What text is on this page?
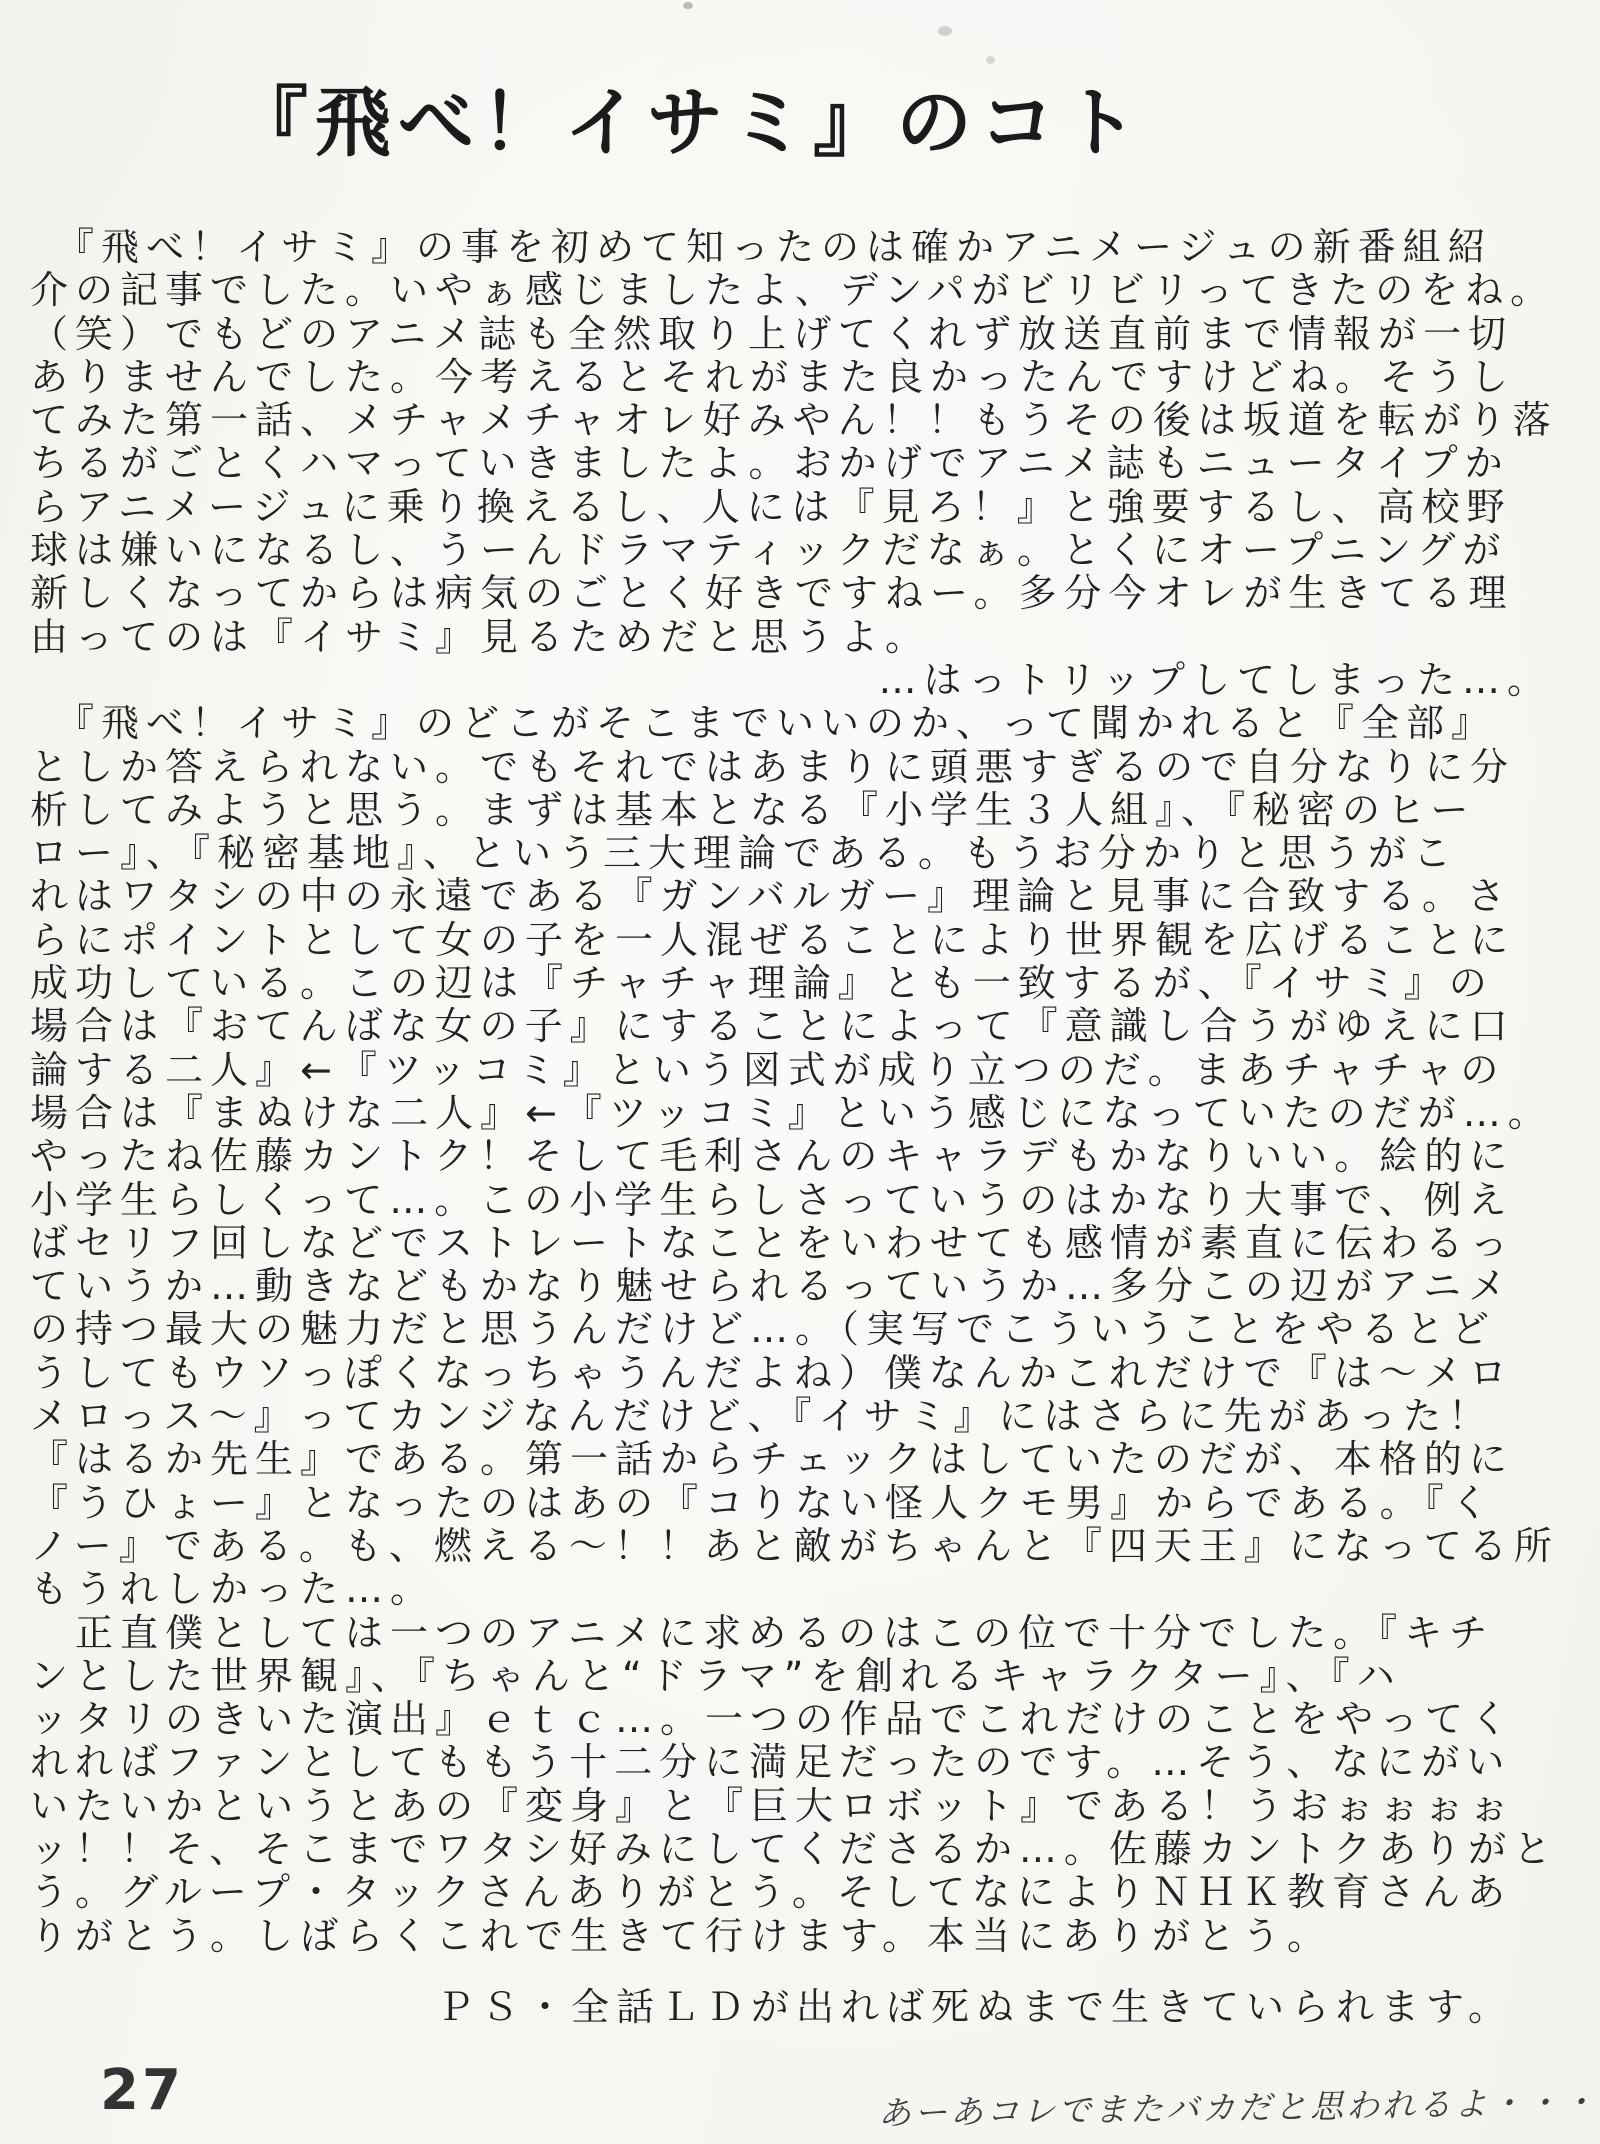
『飛べ！イサミ』のコト
　『飛べ！イサミ』の事を初めて知ったのは確かアニメージュの新番組紹
介の記事でした。いやぁ感じましたよ、デンパがビリビリってきたのをね。
（笑）でもどのアニメ誌も全然取り上げてくれず放送直前まで情報が一切
ありませんでした。今考えるとそれがまた良かったんですけどね。そうし
てみた第一話、メチャメチャオレ好みやん！！もうその後は坂道を転がり落
ちるがごとくハマっていきましたよ。おかげでアニメ誌もニュータイプか
らアニメージュに乗り換えるし、人には『見ろ！』と強要するし、高校野
球は嫌いになるし、うーんドラマティックだなぁ。とくにオープニングが
新しくなってからは病気のごとく好きですねー。多分今オレが生きてる理
由ってのは『イサミ』見るためだと思うよ。
…はっトリップしてしまった…。
　『飛べ！イサミ』のどこがそこまでいいのか、って聞かれると『全部』
としか答えられない。でもそれではあまりに頭悪すぎるので自分なりに分
析してみようと思う。まずは基本となる『小学生３人組』、『秘密のヒー
ロー』、『秘密基地』、という三大理論である。もうお分かりと思うがこ
れはワタシの中の永遠である『ガンバルガー』理論と見事に合致する。さ
らにポイントとして女の子を一人混ぜることにより世界観を広げることに
成功している。この辺は『チャチャ理論』とも一致するが、『イサミ』の
場合は『おてんばな女の子』にすることによって『意識し合うがゆえに口
論する二人』←『ツッコミ』という図式が成り立つのだ。まあチャチャの
場合は『まぬけな二人』←『ツッコミ』という感じになっていたのだが…。
やったね佐藤カントク！そして毛利さんのキャラデもかなりいい。絵的に
小学生らしくって…。この小学生らしさっていうのはかなり大事で、例え
ばセリフ回しなどでストレートなことをいわせても感情が素直に伝わるっ
ていうか…動きなどもかなり魅せられるっていうか…多分この辺がアニメ
の持つ最大の魅力だと思うんだけど…。（実写でこういうことをやるとど
うしてもウソっぽくなっちゃうんだよね）僕なんかこれだけで『は〜メロ
メロっス〜』ってカンジなんだけど、『イサミ』にはさらに先があった！
『はるか先生』である。第一話からチェックはしていたのだが、本格的に
『うひょー』となったのはあの『コりない怪人クモ男』からである。『く
ノー』である。も、燃える〜！！あと敵がちゃんと『四天王』になってる所
もうれしかった…。
　正直僕としては一つのアニメに求めるのはこの位で十分でした。『キチ
ンとした世界観』、『ちゃんと“ドラマ”を創れるキャラクター』、『ハ
ッタリのきいた演出』ｅｔｃ…。一つの作品でこれだけのことをやってく
れればファンとしてももう十二分に満足だったのです。…そう、なにがい
いたいかというとあの『変身』と『巨大ロボット』である！うおぉぉぉぉ
ッ！！そ、そこまでワタシ好みにしてくださるか…。佐藤カントクありがと
う。グループ・タックさんありがとう。そしてなによりＮＨＫ教育さんあ
りがとう。しばらくこれで生きて行けます。本当にありがとう。
ＰＳ・全話ＬＤが出れば死ぬまで生きていられます。
27	あーあコレでまたバカだと思われるよ・・・
